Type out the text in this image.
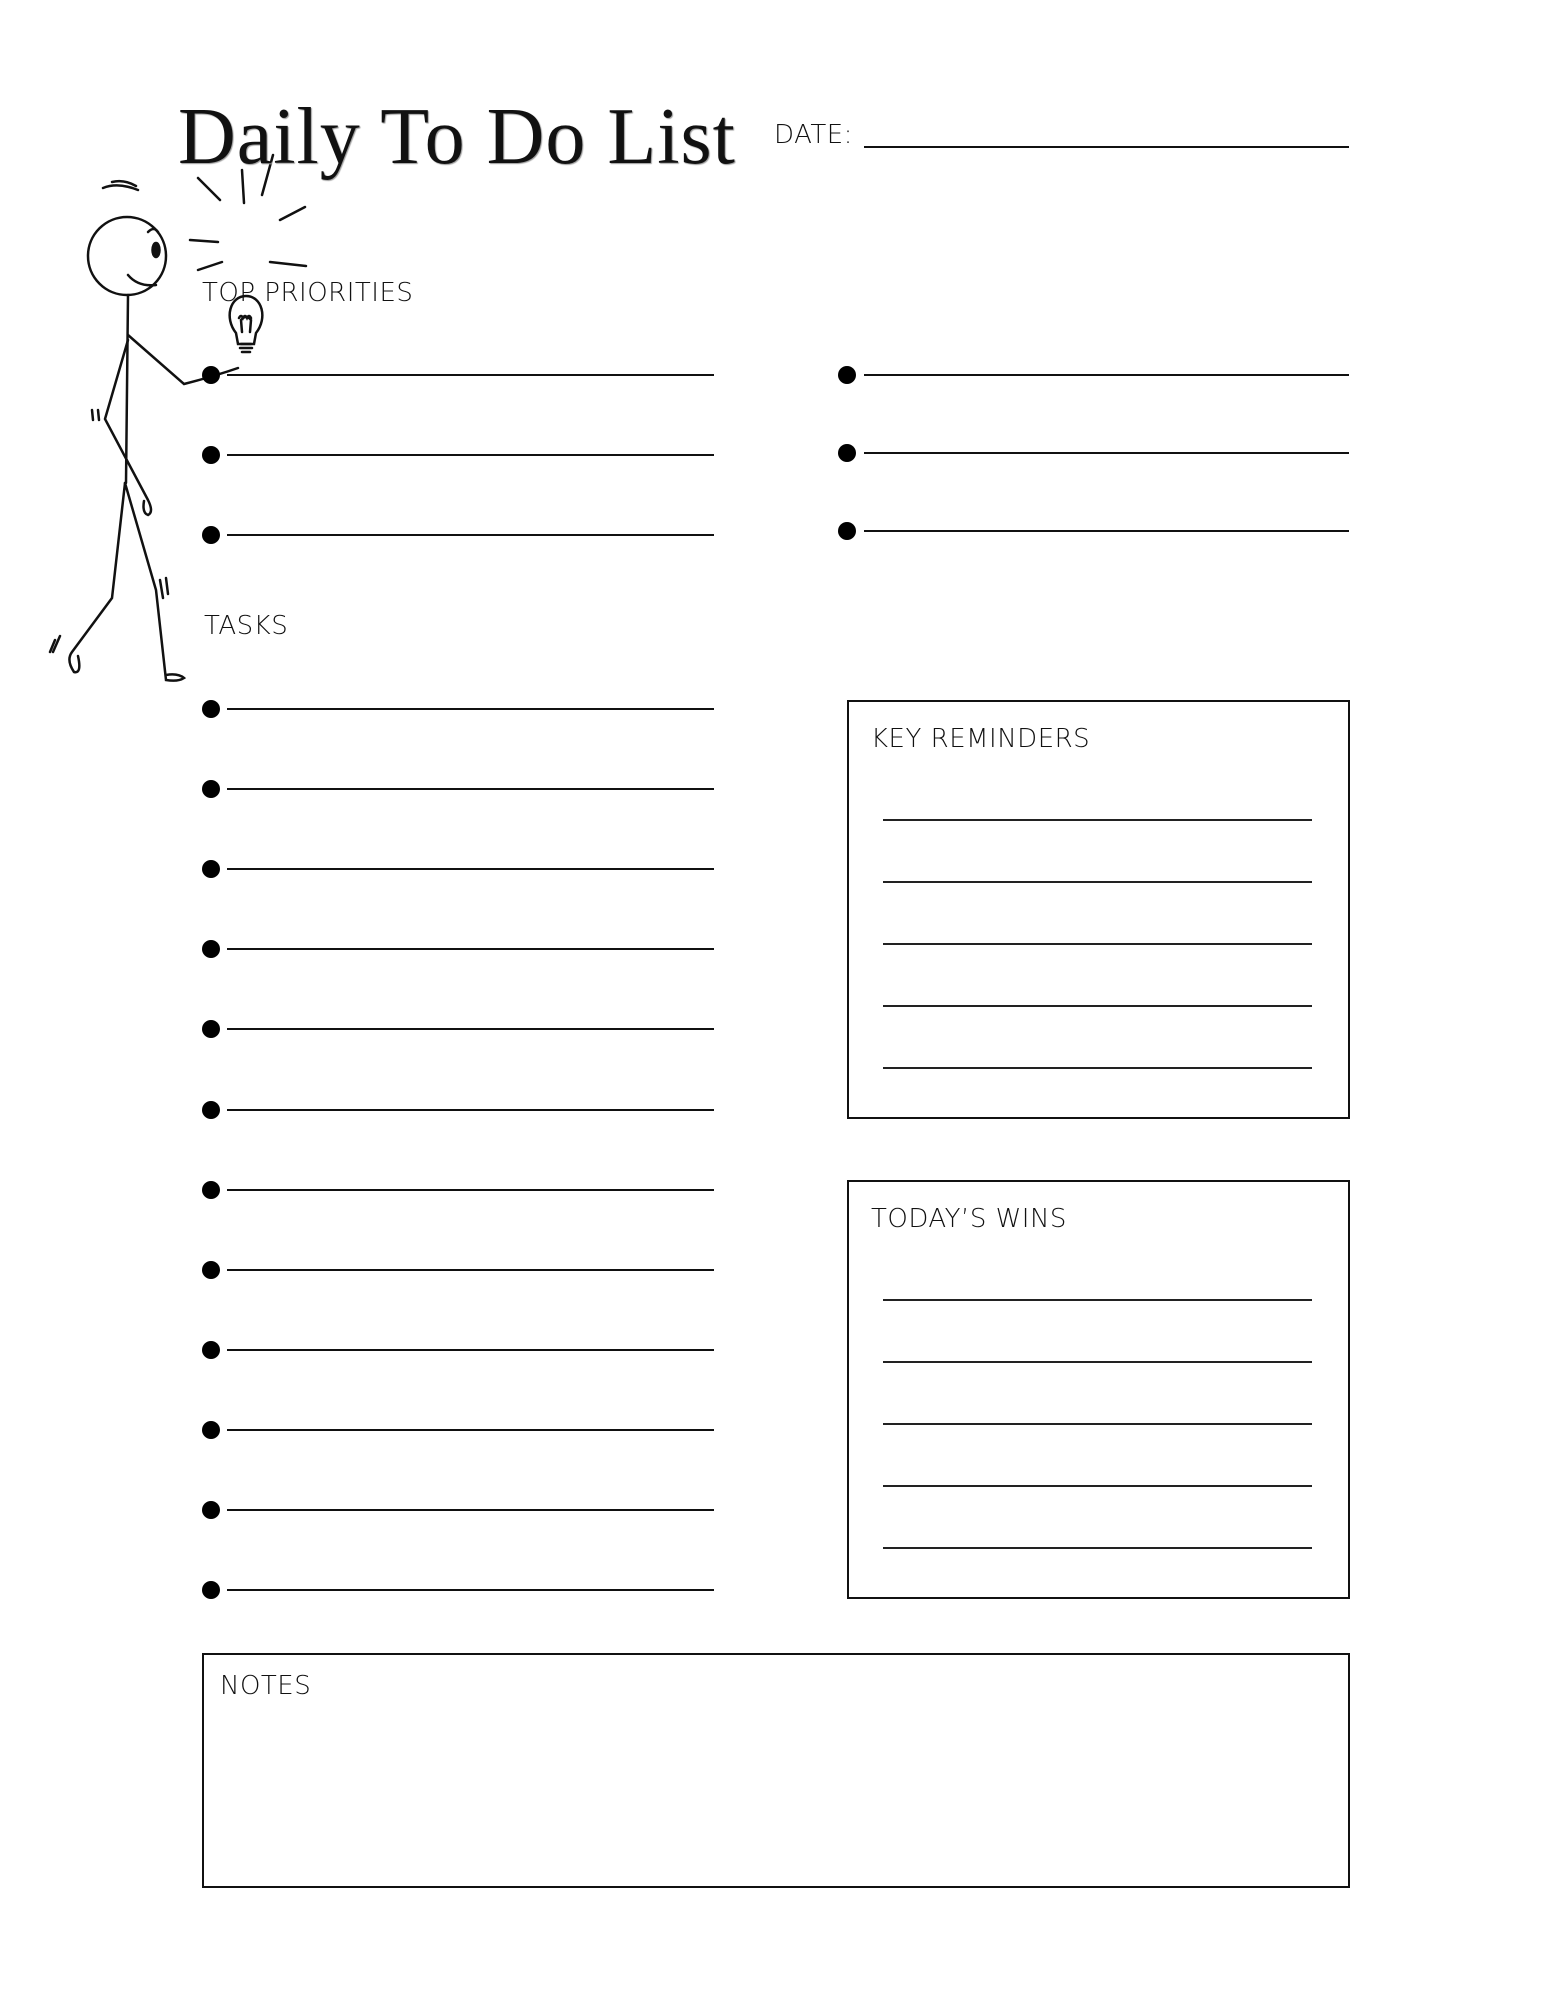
Daily To Do List DATE:
TOP PRIORITIES
TASKS
KEY REMINDERS
TODAY’S WINS
NOTES
